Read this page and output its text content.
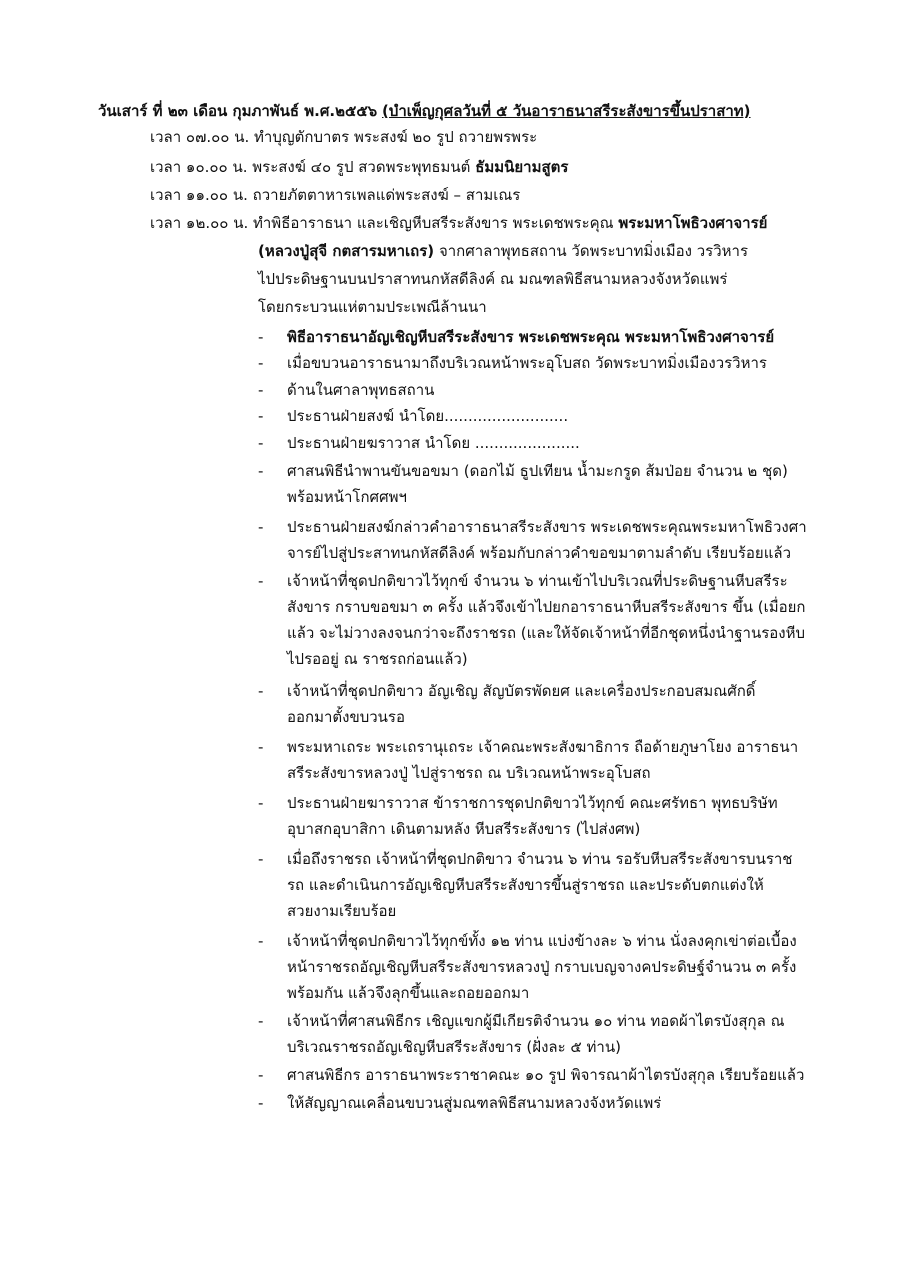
วันเสาร์ ที่ ๒๓ เดือน กุมภาพันธ์ พ.ศ.๒๕๕๖ (บำเพ็ญกุศลวันที่ ๕ วันอาราธนาสรีระสังขารขึ้นปราสาท)
เวลา ๐๗.๐๐ น. ทำบุญตักบาตร พระสงฆ์ ๒๐ รูป ถวายพรพระ
เวลา ๑๐.๐๐ น. พระสงฆ์ ๔๐ รูป สวดพระพุทธมนต์ ธัมมนิยามสูตร
เวลา ๑๑.๐๐ น. ถวายภัตตาหารเพลแด่พระสงฆ์ – สามเณร
เวลา ๑๒.๐๐ น. ทำพิธีอาราธนา และเชิญหีบสรีระสังขาร พระเดชพระคุณ พระมหาโพธิวงศาจารย์
(หลวงปู่สุจี กตสารมหาเถร) จากศาลาพุทธสถาน วัดพระบาทมิ่งเมือง วรวิหาร
ไปประดิษฐานบนปราสาทนกหัสดีลิงค์ ณ มณฑลพิธีสนามหลวงจังหวัดแพร่
โดยกระบวนแห่ตามประเพณีล้านนา
-	พิธีอาราธนาอัญเชิญหีบสรีระสังขาร พระเดชพระคุณ พระมหาโพธิวงศาจารย์
-	เมื่อขบวนอาราธนามาถึงบริเวณหน้าพระอุโบสถ วัดพระบาทมิ่งเมืองวรวิหาร
-	ด้านในศาลาพุทธสถาน
-	ประธานฝ่ายสงฆ์ นำโดย..........................
-	ประธานฝ่ายฆราวาส นำโดย ......................
-	ศาสนพิธีนำพานขันขอขมา (ดอกไม้ ธูปเทียน น้ำมะกรูด ส้มป่อย จำนวน ๒ ชุด)
พร้อมหน้าโกศศพฯ
-	ประธานฝ่ายสงฆ์กล่าวคำอาราธนาสรีระสังขาร พระเดชพระคุณพระมหาโพธิวงศา
จารย์ไปสู่ประสาทนกหัสดีลิงค์ พร้อมกับกล่าวคำขอขมาตามลำดับ เรียบร้อยแล้ว
-	เจ้าหน้าที่ชุดปกติขาวไว้ทุกข์ จำนวน ๖ ท่านเข้าไปบริเวณที่ประดิษฐานหีบสรีระ
สังขาร กราบขอขมา ๓ ครั้ง แล้วจึงเข้าไปยกอาราธนาหีบสรีระสังขาร ขึ้น (เมื่อยก
แล้ว จะไม่วางลงจนกว่าจะถึงราชรถ (และให้จัดเจ้าหน้าที่อีกชุดหนึ่งนำฐานรองหีบ
ไปรออยู่ ณ ราชรถก่อนแล้ว)
-	เจ้าหน้าที่ชุดปกติขาว อัญเชิญ สัญบัตรพัดยศ และเครื่องประกอบสมณศักดิ์
ออกมาตั้งขบวนรอ
-	พระมหาเถระ พระเถรานุเถระ เจ้าคณะพระสังฆาธิการ ถือด้ายภูษาโยง อาราธนา
สรีระสังขารหลวงปู่ ไปสู่ราชรถ ณ บริเวณหน้าพระอุโบสถ
-	ประธานฝ่ายฆาราวาส ข้าราชการชุดปกติขาวไว้ทุกข์ คณะศรัทธา พุทธบริษัท
อุบาสกอุบาสิกา เดินตามหลัง หีบสรีระสังขาร (ไปส่งศพ)
-	เมื่อถึงราชรถ เจ้าหน้าที่ชุดปกติขาว จำนวน ๖ ท่าน รอรับหีบสรีระสังขารบนราช
รถ และดำเนินการอัญเชิญหีบสรีระสังขารขึ้นสู่ราชรถ และประดับตกแต่งให้
สวยงามเรียบร้อย
-	เจ้าหน้าที่ชุดปกติขาวไว้ทุกข์ทั้ง ๑๒ ท่าน แบ่งข้างละ ๖ ท่าน นั่งลงคุกเข่าต่อเบื้อง
หน้าราชรถอัญเชิญหีบสรีระสังขารหลวงปู่ กราบเบญจางคประดิษฐ์จำนวน ๓ ครั้ง
พร้อมกัน แล้วจึงลุกขึ้นและถอยออกมา
-	เจ้าหน้าที่ศาสนพิธีกร เชิญแขกผู้มีเกียรติจำนวน ๑๐ ท่าน ทอดผ้าไตรบังสุกุล ณ
บริเวณราชรถอัญเชิญหีบสรีระสังขาร (ฝั่งละ ๕ ท่าน)
-	ศาสนพิธีกร อาราธนาพระราชาคณะ ๑๐ รูป พิจารณาผ้าไตรบังสุกุล เรียบร้อยแล้ว
-	ให้สัญญาณเคลื่อนขบวนสู่มณฑลพิธีสนามหลวงจังหวัดแพร่
